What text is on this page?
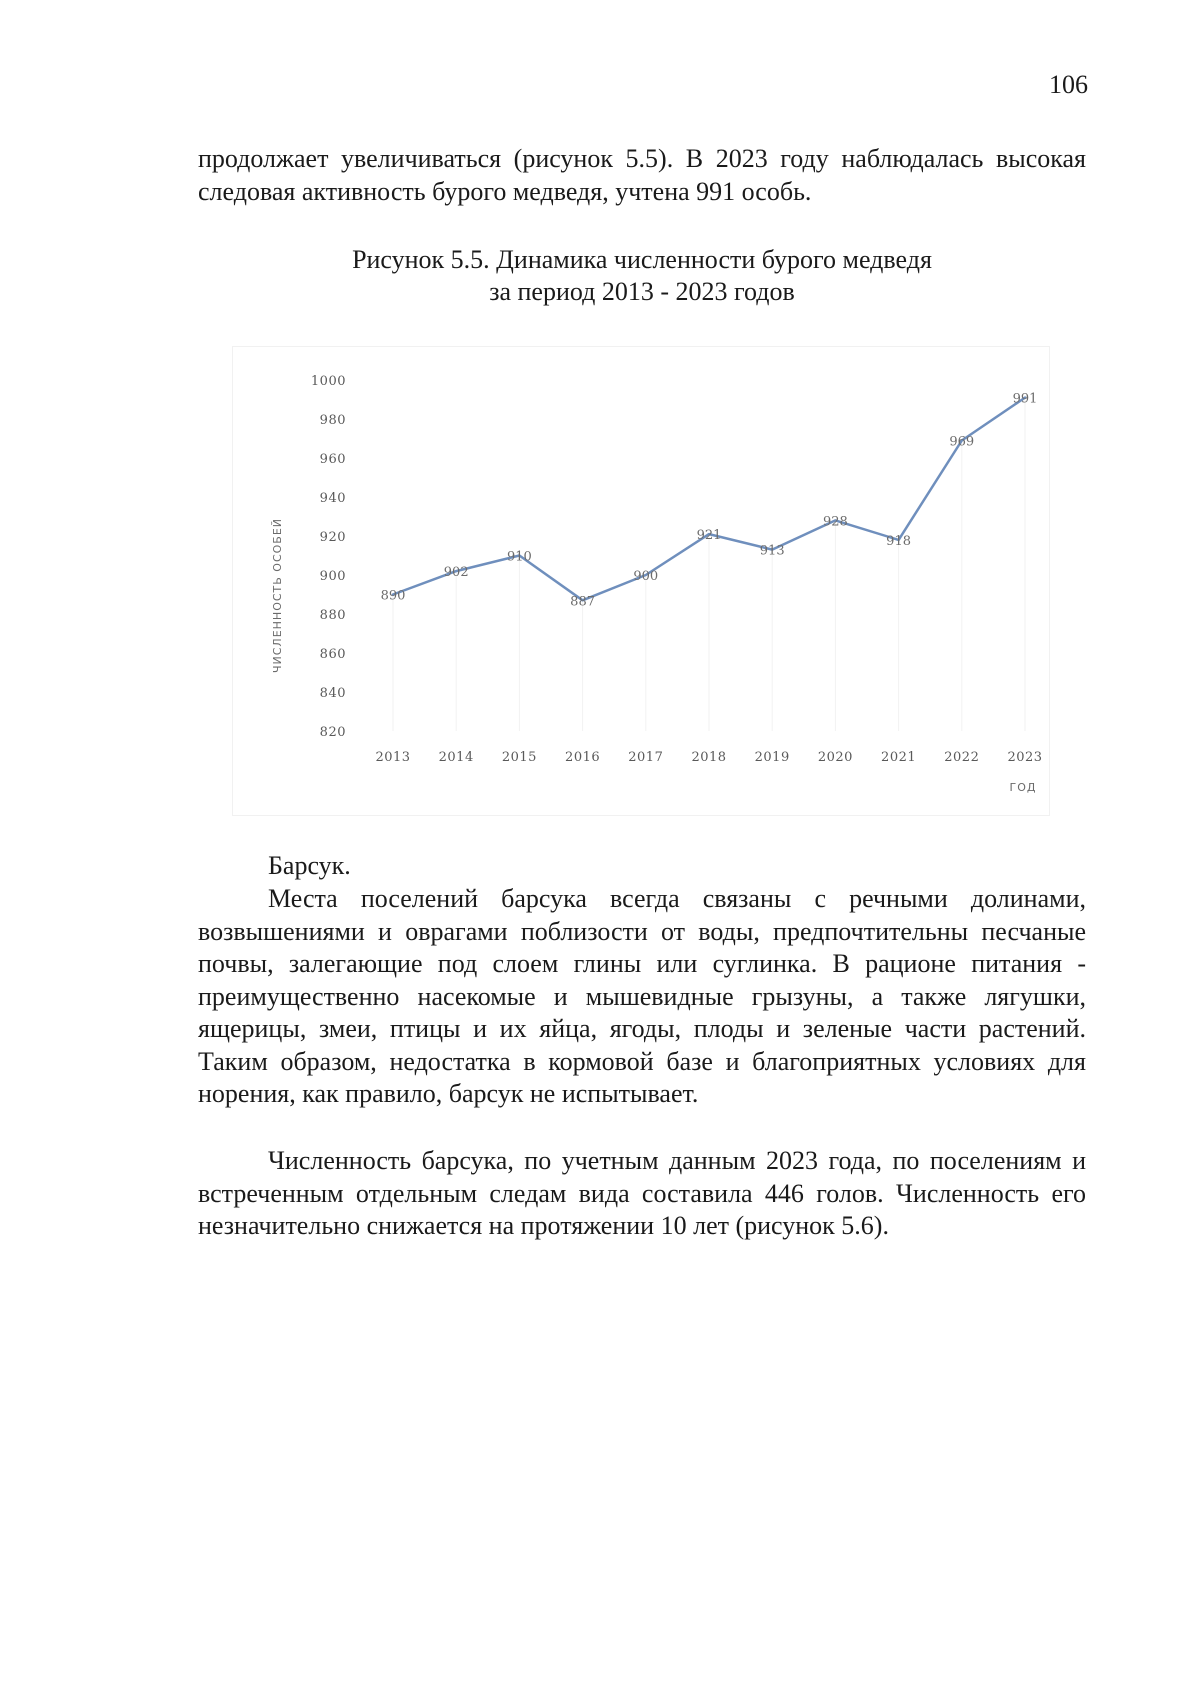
106

продолжает увеличиваться (рисунок 5.5). В 2023 году наблюдалась высокая следовая активность бурого медведя, учтена 991 особь.

Рисунок 5.5. Динамика численности бурого медведя
за период 2013 - 2023 годов
820
840
860
880
900
920
940
960
980
1000
2013 2014 2015 2016 2017 2018 2019 2020 2021 2022 2023
890
902
910
887
900
921
913
928
918
969
991
ЧИСЛЕННОСТЬ ОСОБЕЙ
ГОД
Барсук.

Места поселений барсука всегда связаны с речными долинами, возвышениями и оврагами поблизости от воды, предпочтительны песчаные почвы, залегающие под слоем глины или суглинка. В рационе питания - преимущественно насекомые и мышевидные грызуны, а также лягушки, ящерицы, змеи, птицы и их яйца, ягоды, плоды и зеленые части растений. Таким образом, недостатка в кормовой базе и благоприятных условиях для норения, как правило, барсук не испытывает.

Численность барсука, по учетным данным 2023 года, по поселениям и встреченным отдельным следам вида составила 446 голов. Численность его незначительно снижается на протяжении 10 лет (рисунок 5.6).
